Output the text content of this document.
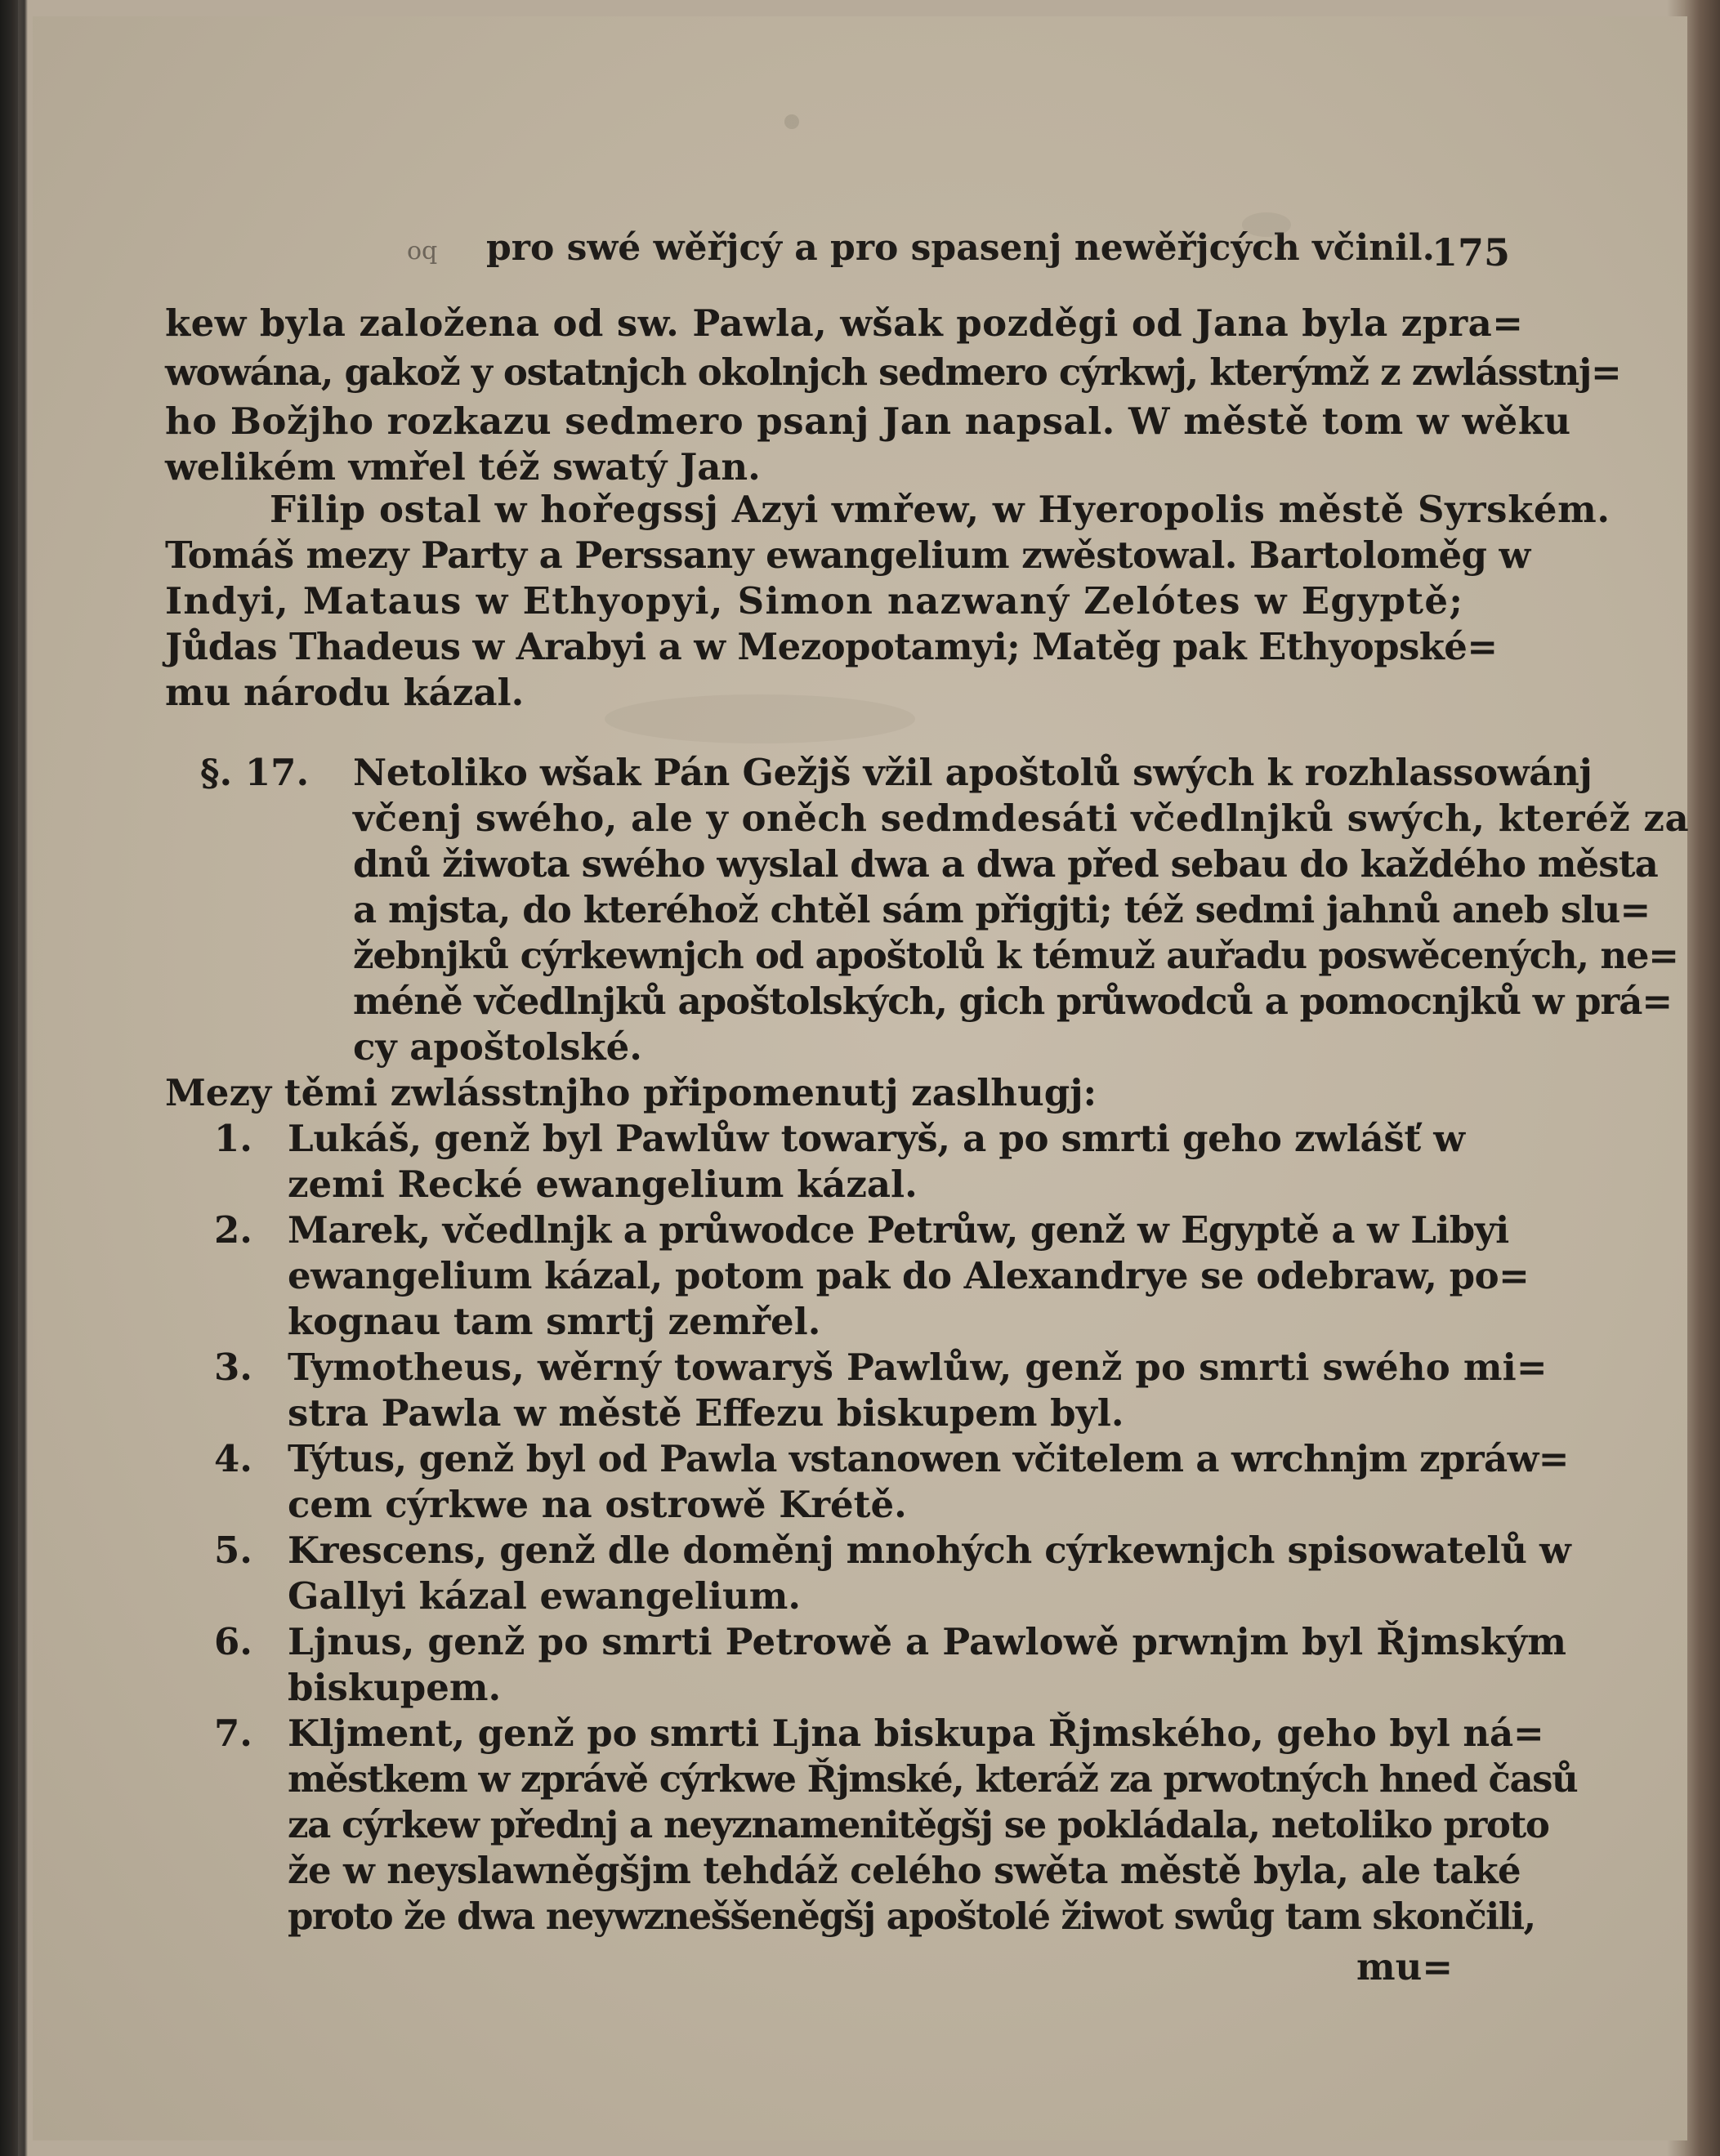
oq pro swé wěřjcý a pro spasenj newěřjcých včinil.
175
kew byla založena od sw. Pawla, wšak pozděgi od Jana byla zpra=
wowána, gakož y ostatnjch okolnjch sedmero cýrkwj, kterýmž z zwlásstnj=
ho Božjho rozkazu sedmero psanj Jan napsal. W městě tom w wěku
welikém vmřel též swatý Jan.
Filip ostal w hořegssj Azyi vmřew, w Hyeropolis městě Syrském.
Tomáš mezy Party a Perssany ewangelium zwěstowal. Bartoloměg w
Indyi, Mataus w Ethyopyi, Simon nazwaný Zelótes w Egyptě;
Jůdas Thadeus w Arabyi a w Mezopotamyi; Matěg pak Ethyopské=
mu národu kázal.
§. 17. Netoliko wšak Pán Gežjš vžil apoštolů swých k rozhlassowánj
včenj swého, ale y oněch sedmdesáti včedlnjků swých, kteréž za
dnů žiwota swého wyslal dwa a dwa před sebau do každého města
a mjsta, do kteréhož chtěl sám přigjti; též sedmi jahnů aneb slu=
žebnjků cýrkewnjch od apoštolů k témuž auřadu poswěcených, ne=
méně včedlnjků apoštolských, gich průwodců a pomocnjků w prá=
cy apoštolské.
Mezy těmi zwlásstnjho připomenutj zaslhugj:
1. Lukáš, genž byl Pawlůw towaryš, a po smrti geho zwlášť w
zemi Recké ewangelium kázal.
2. Marek, včedlnjk a průwodce Petrůw, genž w Egyptě a w Libyi
ewangelium kázal, potom pak do Alexandrye se odebraw, po=
kognau tam smrtj zemřel.
3. Tymotheus, wěrný towaryš Pawlůw, genž po smrti swého mi=
stra Pawla w městě Effezu biskupem byl.
4. Týtus, genž byl od Pawla vstanowen včitelem a wrchnjm zpráw=
cem cýrkwe na ostrowě Krétě.
5. Krescens, genž dle doměnj mnohých cýrkewnjch spisowatelů w
Gallyi kázal ewangelium.
6. Ljnus, genž po smrti Petrowě a Pawlowě prwnjm byl Řjmským
biskupem.
7. Kljment, genž po smrti Ljna biskupa Řjmského, geho byl ná=
městkem w zprávě cýrkwe Řjmské, kteráž za prwotných hned časů
za cýrkew přednj a neyznamenitěgšj se pokládala, netoliko proto
že w neyslawněgšjm tehdáž celého swěta městě byla, ale také
proto že dwa neywzneššeněgšj apoštolé žiwot swůg tam skončili,
mu=
